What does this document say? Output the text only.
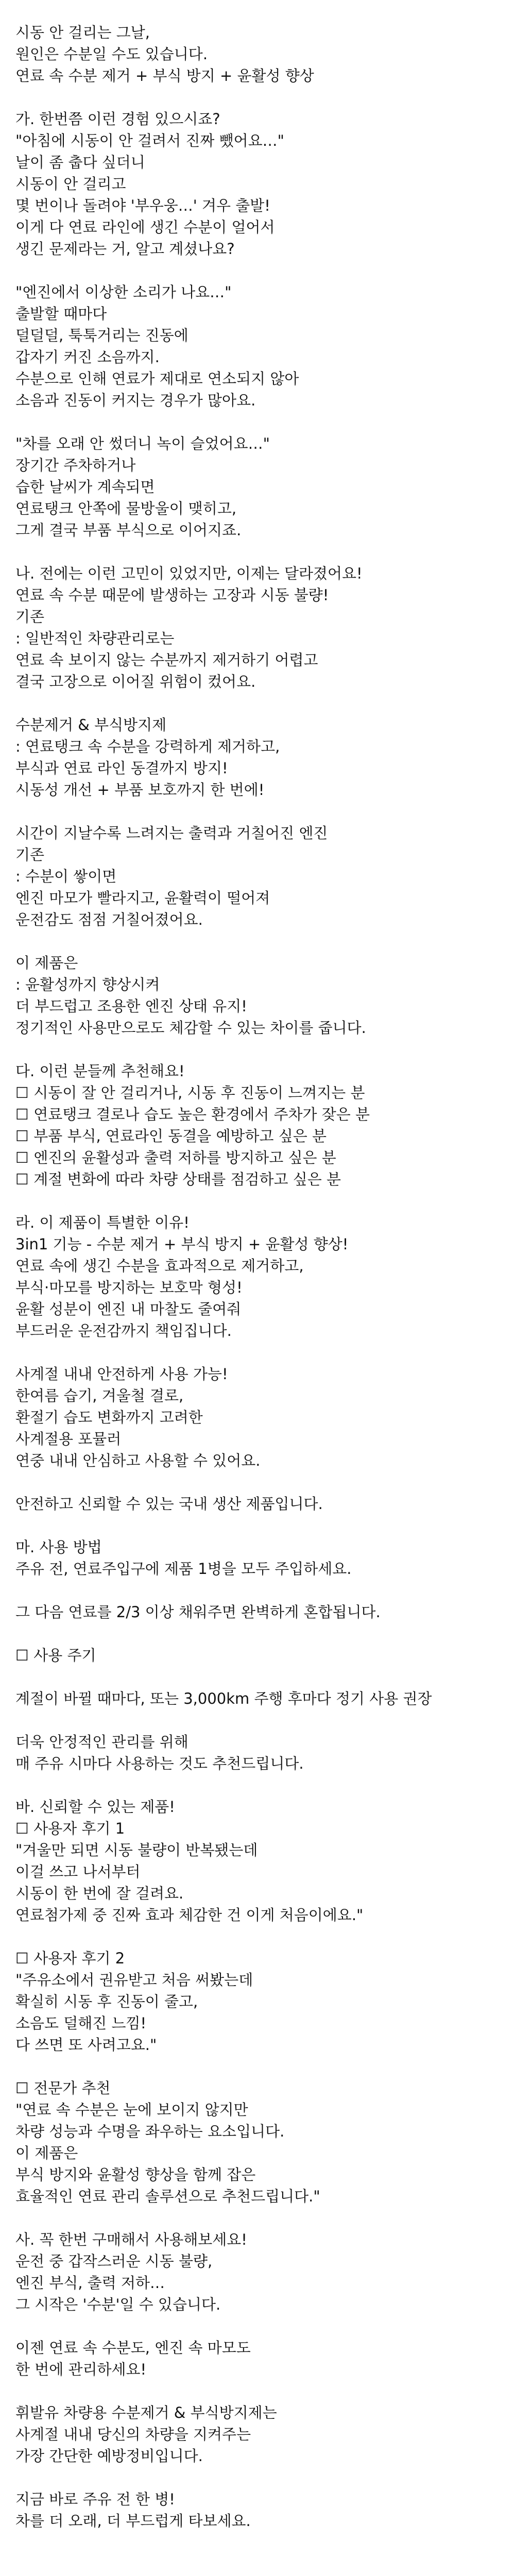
시동 안 걸리는 그날,
원인은 수분일 수도 있습니다.
연료 속 수분 제거 + 부식 방지 + 윤활성 향상
가. 한번쯤 이런 경험 있으시죠?
"아침에 시동이 안 걸려서 진짜 뺐어요…"
날이 좀 춥다 싶더니
시동이 안 걸리고
몇 번이나 돌려야 '부우웅…' 겨우 출발!
이게 다 연료 라인에 생긴 수분이 얼어서
생긴 문제라는 거, 알고 계셨나요?
"엔진에서 이상한 소리가 나요…"
출발할 때마다
덜덜덜, 툭툭거리는 진동에
갑자기 커진 소음까지.
수분으로 인해 연료가 제대로 연소되지 않아
소음과 진동이 커지는 경우가 많아요.
"차를 오래 안 썼더니 녹이 슬었어요…"
장기간 주차하거나
습한 날씨가 계속되면
연료탱크 안쪽에 물방울이 맺히고,
그게 결국 부품 부식으로 이어지죠.
나. 전에는 이런 고민이 있었지만, 이제는 달라졌어요!
연료 속 수분 때문에 발생하는 고장과 시동 불량!
기존
: 일반적인 차량관리로는
연료 속 보이지 않는 수분까지 제거하기 어렵고
결국 고장으로 이어질 위험이 컸어요.
수분제거 & 부식방지제
: 연료탱크 속 수분을 강력하게 제거하고,
부식과 연료 라인 동결까지 방지!
시동성 개선 + 부품 보호까지 한 번에!
시간이 지날수록 느려지는 출력과 거칠어진 엔진
기존
: 수분이 쌓이면
엔진 마모가 빨라지고, 윤활력이 떨어져
운전감도 점점 거칠어졌어요.
이 제품은
: 윤활성까지 향상시켜
더 부드럽고 조용한 엔진 상태 유지!
정기적인 사용만으로도 체감할 수 있는 차이를 줍니다.
다. 이런 분들께 추천해요!
☐ 시동이 잘 안 걸리거나, 시동 후 진동이 느껴지는 분
☐ 연료탱크 결로나 습도 높은 환경에서 주차가 잦은 분
☐ 부품 부식, 연료라인 동결을 예방하고 싶은 분
☐ 엔진의 윤활성과 출력 저하를 방지하고 싶은 분
☐ 계절 변화에 따라 차량 상태를 점검하고 싶은 분
라. 이 제품이 특별한 이유!
3in1 기능 - 수분 제거 + 부식 방지 + 윤활성 향상!
연료 속에 생긴 수분을 효과적으로 제거하고,
부식·마모를 방지하는 보호막 형성!
윤활 성분이 엔진 내 마찰도 줄여줘
부드러운 운전감까지 책임집니다.
사계절 내내 안전하게 사용 가능!
한여름 습기, 겨울철 결로,
환절기 습도 변화까지 고려한
사계절용 포뮬러
연중 내내 안심하고 사용할 수 있어요.
안전하고 신뢰할 수 있는 국내 생산 제품입니다.
마. 사용 방법
주유 전, 연료주입구에 제품 1병을 모두 주입하세요.
그 다음 연료를 2/3 이상 채워주면 완벽하게 혼합됩니다.
☐ 사용 주기
계절이 바뀔 때마다, 또는 3,000km 주행 후마다 정기 사용 권장
더욱 안정적인 관리를 위해
매 주유 시마다 사용하는 것도 추천드립니다.
바. 신뢰할 수 있는 제품!
☐ 사용자 후기 1
"겨울만 되면 시동 불량이 반복됐는데
이걸 쓰고 나서부터
시동이 한 번에 잘 걸려요.
연료첨가제 중 진짜 효과 체감한 건 이게 처음이에요."
☐ 사용자 후기 2
"주유소에서 권유받고 처음 써봤는데
확실히 시동 후 진동이 줄고,
소음도 덜해진 느낌!
다 쓰면 또 사려고요."
☐ 전문가 추천
"연료 속 수분은 눈에 보이지 않지만
차량 성능과 수명을 좌우하는 요소입니다.
이 제품은
부식 방지와 윤활성 향상을 함께 잡은
효율적인 연료 관리 솔루션으로 추천드립니다."
사. 꼭 한번 구매해서 사용해보세요!
운전 중 갑작스러운 시동 불량,
엔진 부식, 출력 저하…
그 시작은 '수분'일 수 있습니다.
이젠 연료 속 수분도, 엔진 속 마모도
한 번에 관리하세요!
휘발유 차량용 수분제거 & 부식방지제는
사계절 내내 당신의 차량을 지켜주는
가장 간단한 예방정비입니다.
지금 바로 주유 전 한 병!
차를 더 오래, 더 부드럽게 타보세요.
